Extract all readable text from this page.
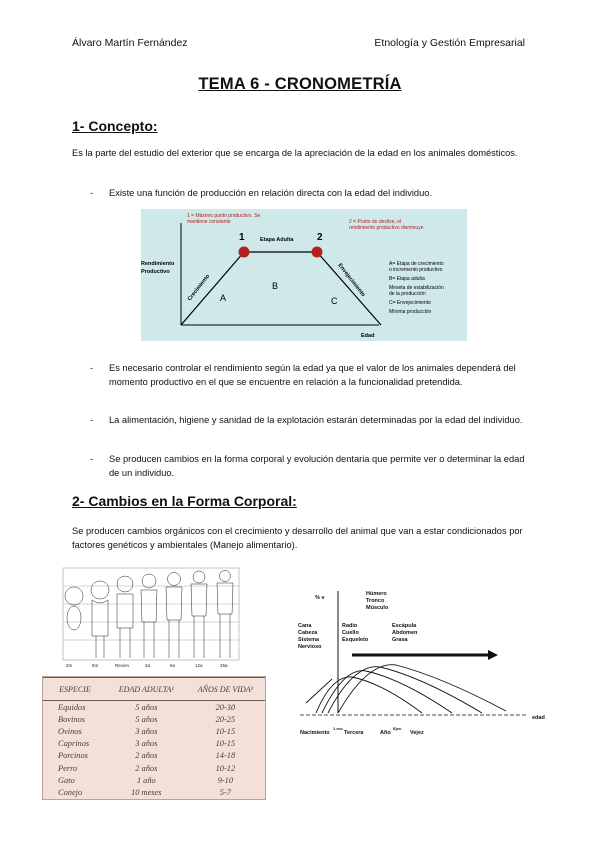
Álvaro Martín Fernández	Etnología y Gestión Empresarial
TEMA 6 - CRONOMETRÍA
1- Concepto:
Es la parte del estudio del exterior que se encarga de la apreciación de la edad en los animales domésticos.
- Existe una función de producción en relación directa con la edad del individuo.
1	2
1 = Máximo punto productivo. Se
mantiene constante	2 = Punto de declive, el
rendimiento productivo disminuye
Etapa Adulta
Rendimiento
Productivo
Crecimiento	Envejecimiento
A
B
C
Edad
A= Etapa de crecimiento
o incremento productivo
B= Etapa adulta
Meseta de estabilización
de la producción
C= Envejecimiento
Mínima producción
- Es necesario controlar el rendimiento según la edad ya que el valor de los animales dependerá del momento productivo en el que se encuentre en relación a la funcionalidad pretendida.
- La alimentación, higiene y sanidad de la explotación estarán determinadas por la edad del individuo.
- Se producen cambios en la forma corporal y evolución dentaria que permite ver o determinar la edad de un individuo.
2- Cambios en la Forma Corporal:
Se producen cambios orgánicos con el crecimiento y desarrollo del animal que van a estar condicionados por factores genéticos y ambientales (Manejo alimentario).
2m	5m	Recien	2a	6a	12a	25a
ESPECIE	EDAD ADULTA¹	AÑOS DE VIDA¹
Equidos	5 años	20-30
Bovinos	5 años	20-25
Ovinos	3 años	10-15
Caprinos	3 años	10-15
Porcinos	2 años	14-18
Perro	2 años	10-12
Gato	1 año	9-10
Conejo	10 meses	5-7
% v
Cana
Cabeza
Sistema
Nervioso
Radio
Cuello
Esqueleto
Húmero
Tronco
Músculo
Escápula
Abdomen
Grasa
edad
Nacimiento	Tercera	Año	Vejez
1 ero.	Ejec.
